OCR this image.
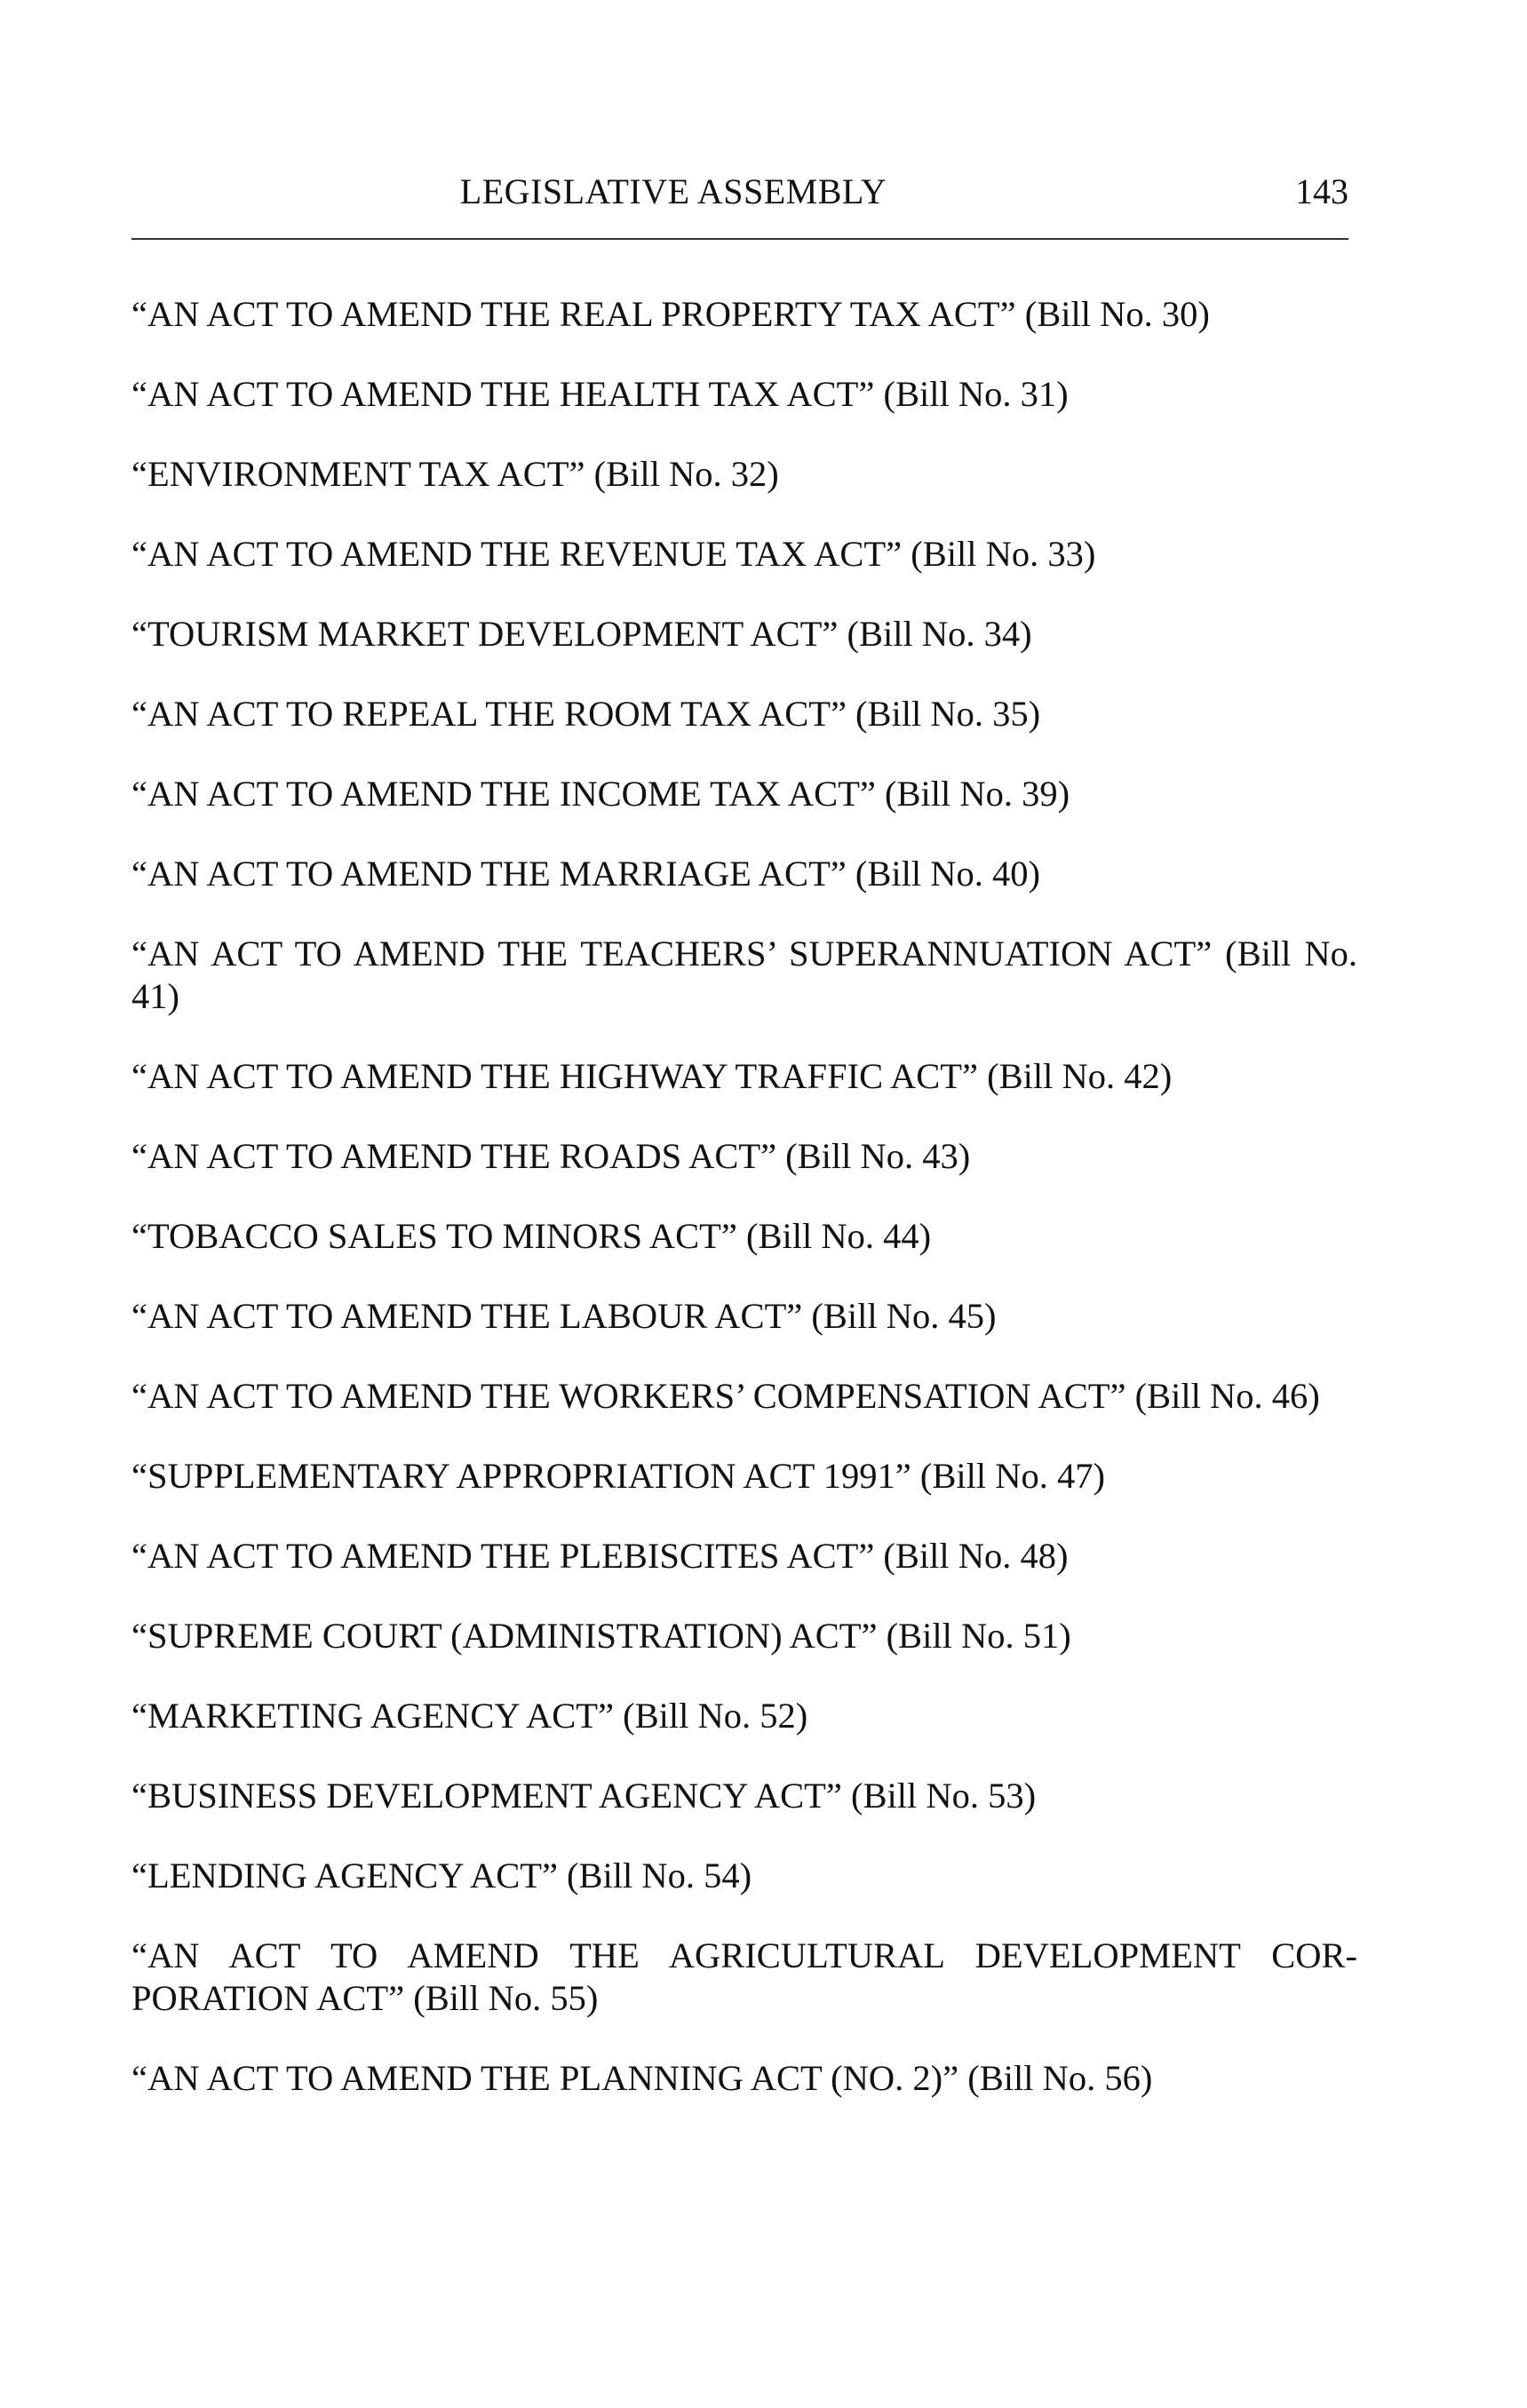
LEGISLATIVE ASSEMBLY	143
“AN ACT TO AMEND THE REAL PROPERTY TAX ACT” (Bill No. 30)
“AN ACT TO AMEND THE HEALTH TAX ACT” (Bill No. 31)
“ENVIRONMENT TAX ACT” (Bill No. 32)
“AN ACT TO AMEND THE REVENUE TAX ACT” (Bill No. 33)
“TOURISM MARKET DEVELOPMENT ACT” (Bill No. 34)
“AN ACT TO REPEAL THE ROOM TAX ACT” (Bill No. 35)
“AN ACT TO AMEND THE INCOME TAX ACT” (Bill No. 39)
“AN ACT TO AMEND THE MARRIAGE ACT” (Bill No. 40)
“AN ACT TO AMEND THE TEACHERS’ SUPERANNUATION ACT” (Bill No. 41)
“AN ACT TO AMEND THE HIGHWAY TRAFFIC ACT” (Bill No. 42)
“AN ACT TO AMEND THE ROADS ACT” (Bill No. 43)
“TOBACCO SALES TO MINORS ACT” (Bill No. 44)
“AN ACT TO AMEND THE LABOUR ACT” (Bill No. 45)
“AN ACT TO AMEND THE WORKERS’ COMPENSATION ACT” (Bill No. 46)
“SUPPLEMENTARY APPROPRIATION ACT 1991” (Bill No. 47)
“AN ACT TO AMEND THE PLEBISCITES ACT” (Bill No. 48)
“SUPREME COURT (ADMINISTRATION) ACT” (Bill No. 51)
“MARKETING AGENCY ACT” (Bill No. 52)
“BUSINESS DEVELOPMENT AGENCY ACT” (Bill No. 53)
“LENDING AGENCY ACT” (Bill No. 54)
“AN ACT TO AMEND THE AGRICULTURAL DEVELOPMENT COR-PORATION ACT” (Bill No. 55)
“AN ACT TO AMEND THE PLANNING ACT (NO. 2)” (Bill No. 56)
